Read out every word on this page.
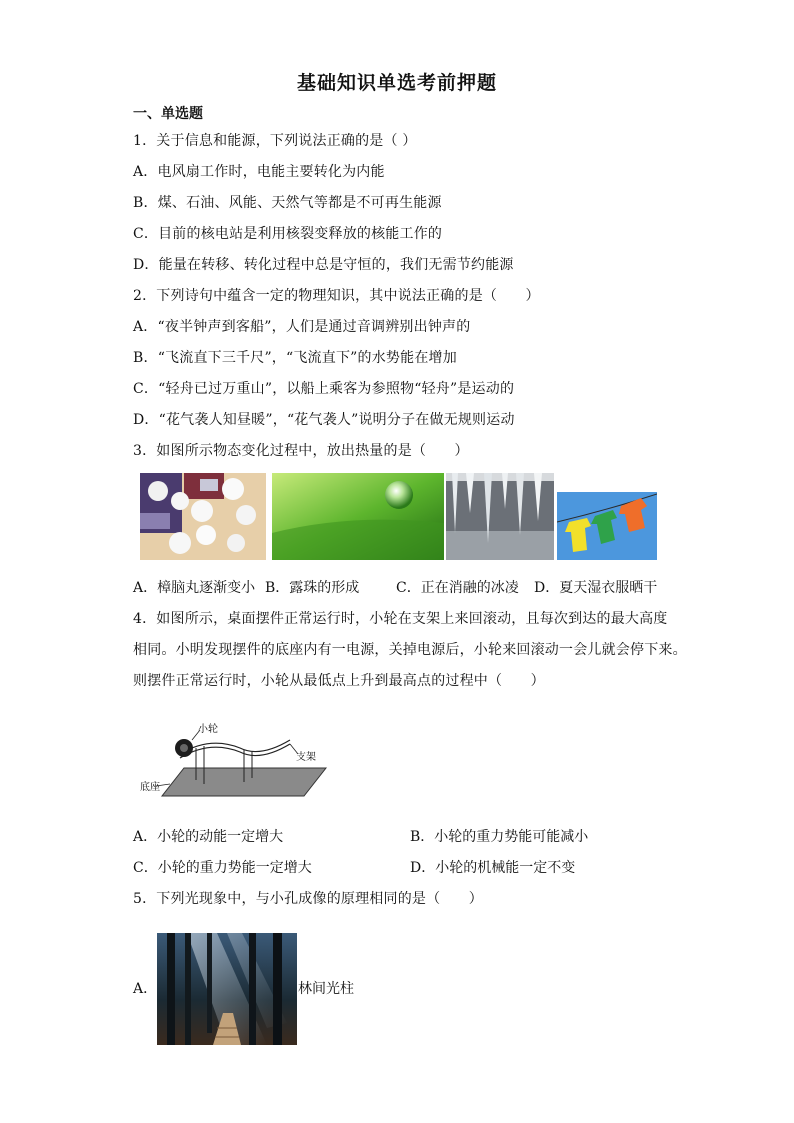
基础知识单选考前押题
一、单选题
1．关于信息和能源，下列说法正确的是（ ）
A．电风扇工作时，电能主要转化为内能
B．煤、石油、风能、天然气等都是不可再生能源
C．目前的核电站是利用核裂变释放的核能工作的
D．能量在转移、转化过程中总是守恒的，我们无需节约能源
2．下列诗句中蕴含一定的物理知识，其中说法正确的是（　　）
A．“夜半钟声到客船”，人们是通过音调辨别出钟声的
B．“飞流直下三千尺”，“飞流直下”的水势能在增加
C．“轻舟已过万重山”，以船上乘客为参照物“轻舟”是运动的
D．“花气袭人知昼暖”，“花气袭人”说明分子在做无规则运动
3．如图所示物态变化过程中，放出热量的是（　　）
A．樟脑丸逐渐变小 B．露珠的形成	C．正在消融的冰凌 D．夏天湿衣服晒干
4．如图所示，桌面摆件正常运行时，小轮在支架上来回滚动，且每次到达的最大高度
相同。小明发现摆件的底座内有一电源，关掉电源后，小轮来回滚动一会儿就会停下来。
则摆件正常运行时，小轮从最低点上升到最高点的过程中（　　）
小轮
支架
底座
A．小轮的动能一定增大	B．小轮的重力势能可能减小
C．小轮的重力势能一定增大	D．小轮的机械能一定不变
5．下列光现象中，与小孔成像的原理相同的是（　　）
A．	林间光柱
